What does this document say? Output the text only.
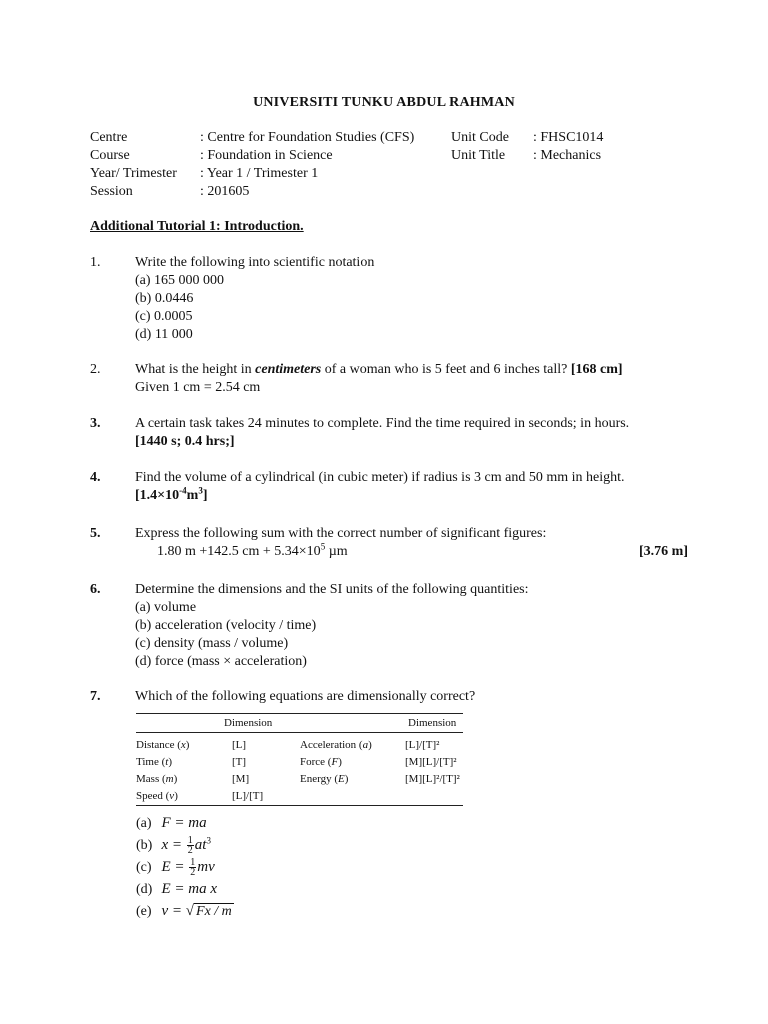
UNIVERSITI TUNKU ABDUL RAHMAN
Centre	: Centre for Foundation Studies (CFS)	Unit Code : FHSC1014
Course	: Foundation in Science	Unit Title : Mechanics
Year/ Trimester : Year 1 / Trimester 1
Session	: 201605
Additional Tutorial 1: Introduction.
1. Write the following into scientific notation
(a) 165 000 000
(b) 0.0446
(c) 0.0005
(d) 11 000
2. What is the height in centimeters of a woman who is 5 feet and 6 inches tall? [168 cm]
Given 1 cm = 2.54 cm
3. A certain task takes 24 minutes to complete. Find the time required in seconds; in hours.
[1440 s; 0.4 hrs;]
4. Find the volume of a cylindrical (in cubic meter) if radius is 3 cm and 50 mm in height.
$[1.4\times 10^{-4}m^3]$
5. Express the following sum with the correct number of significant figures:
1.80 m +142.5 cm + $5.34\times 10^5$ µm	[3.76 m]
6. Determine the dimensions and the SI units of the following quantities:
(a) volume
(b) acceleration (velocity / time)
(c) density (mass / volume)
(d) force (mass × acceleration)
7. Which of the following equations are dimensionally correct?
	Dimension		Dimension
Distance (x)	[L]	Acceleration (a)	[L]/[T]²
Time (t)	[T]	Force (F)	[M][L]/[T]²
Mass (m)	[M]	Energy (E)	[M][L]²/[T]²
Speed (v)	[L]/[T]		
(a) F = ma
(b) $x = \frac{1}{2} at^3$
(c) $E = \frac{1}{2}$ mv
(d) E = ma x
(e) v = √ Fx / m
